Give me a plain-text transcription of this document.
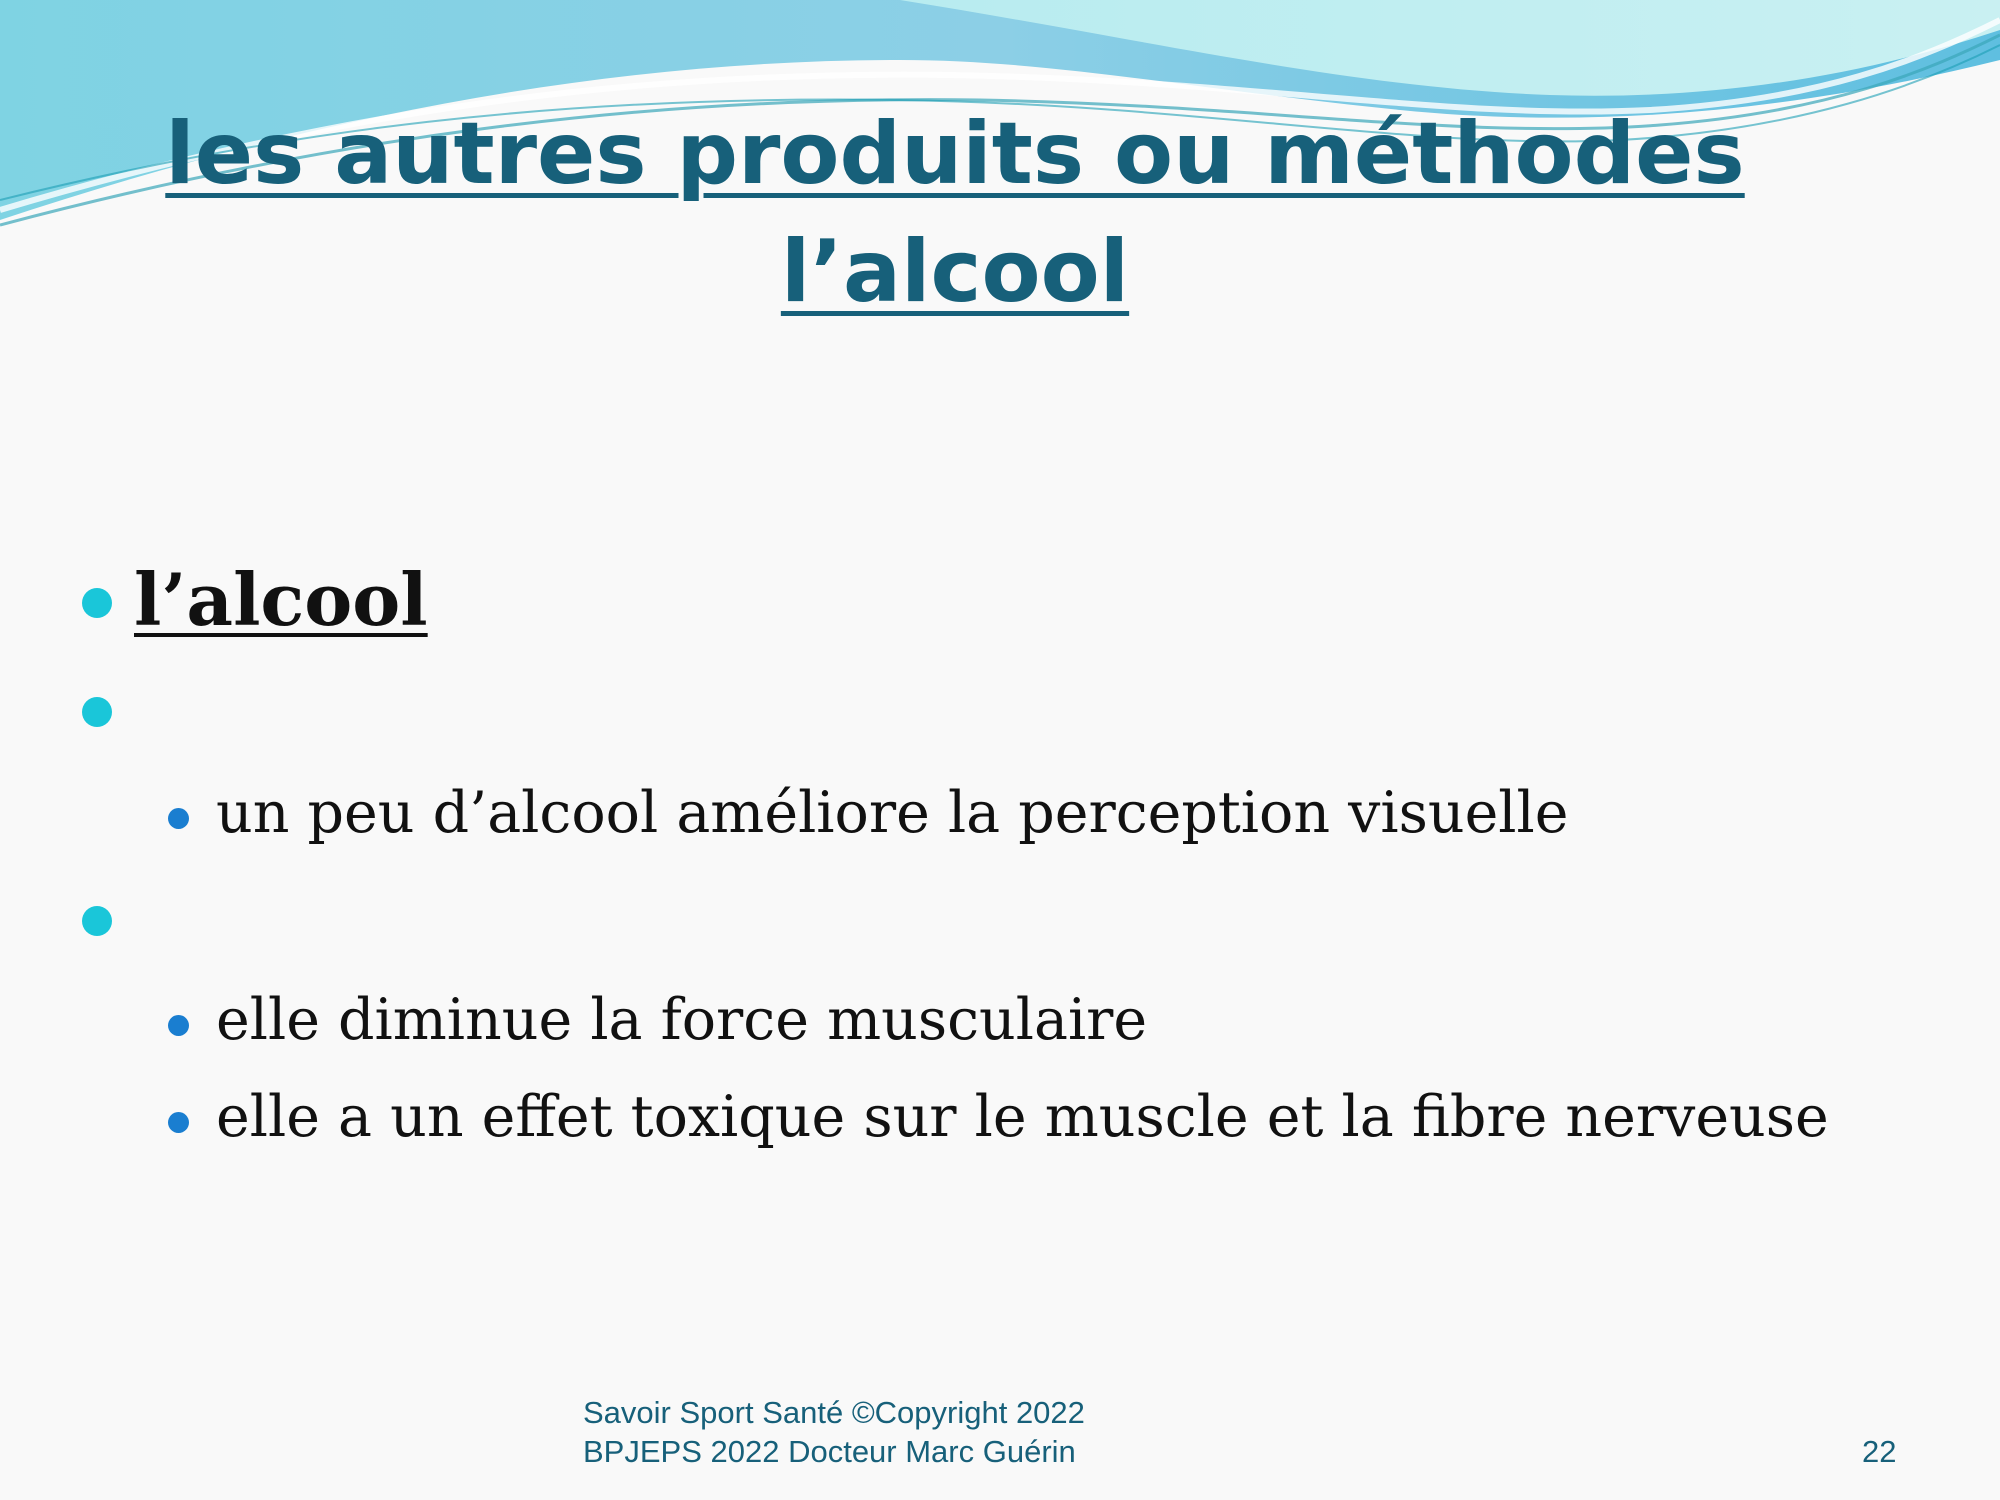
les autres produits ou méthodes
l’alcool
l’alcool
un peu d’alcool améliore la perception visuelle
elle diminue la force musculaire
elle a un effet toxique sur le muscle et la fibre nerveuse
Savoir Sport Santé ©Copyright 2022
BPJEPS 2022 Docteur Marc Guérin	22
